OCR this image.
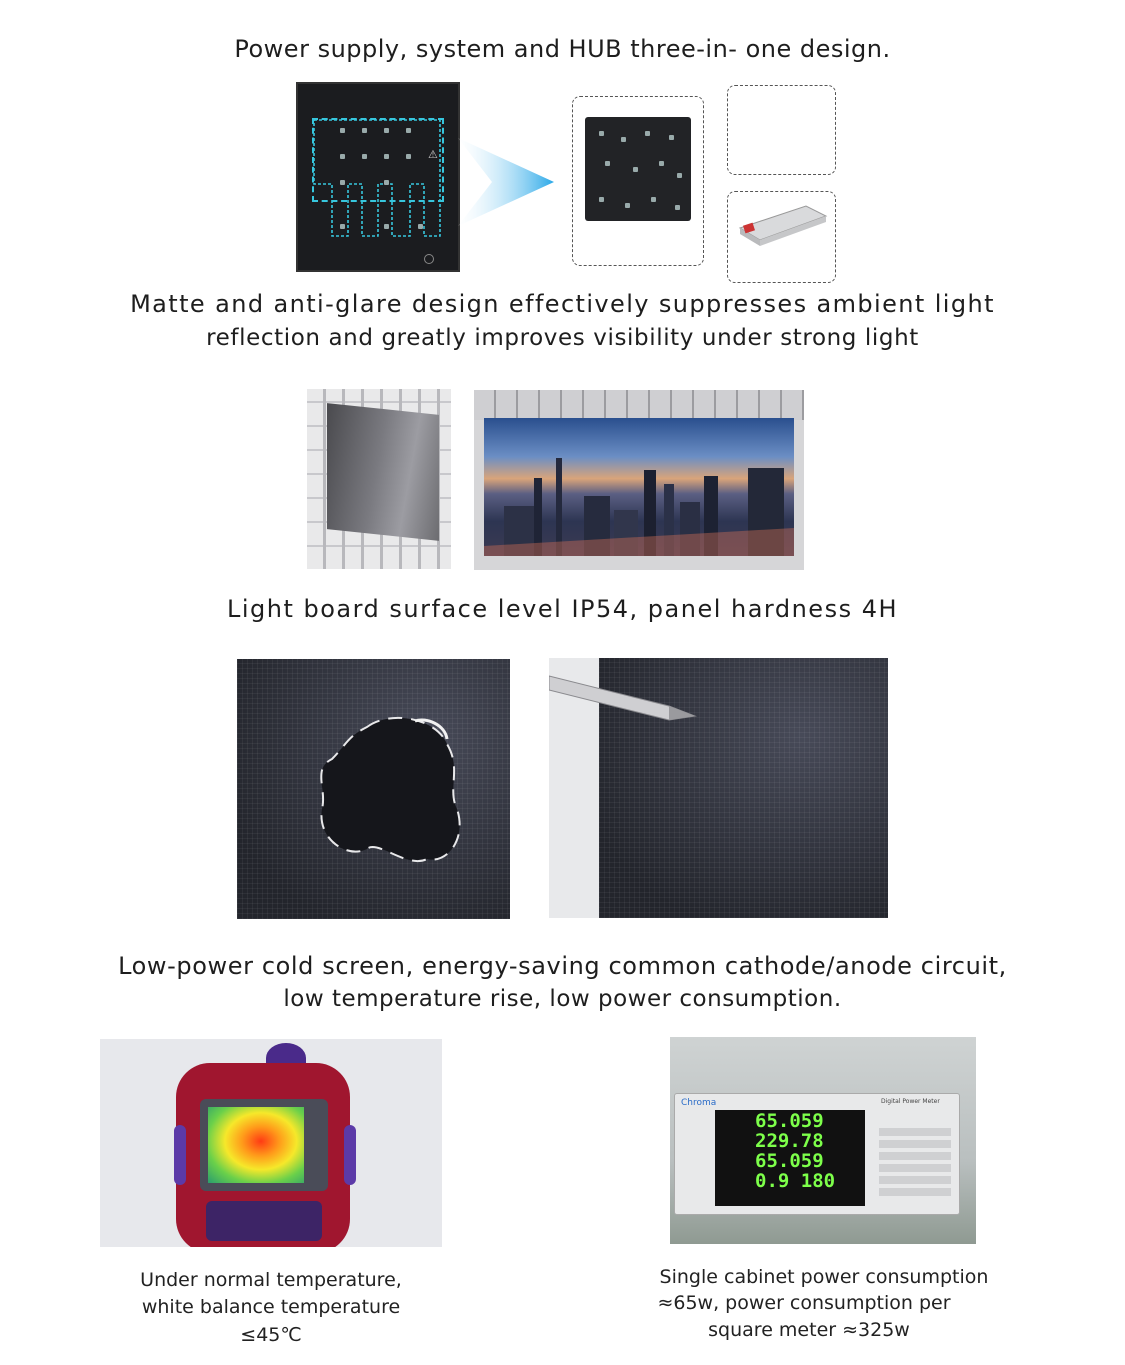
Power supply, system and HUB three-in- one design.
⚠
Matte and anti-glare design effectively suppresses ambient light
reflection and greatly improves visibility under strong light
Light board surface level IP54, panel hardness 4H
Low-power cold screen, energy-saving common cathode/anode circuit,
low temperature rise, low power consumption.
Under normal temperature,
white balance temperature
≤45℃
Chroma	Digital Power Meter
65.059
229.78
65.059
0.9 180
Single cabinet power consumption
≈65w, power consumption per
square meter ≈325w
